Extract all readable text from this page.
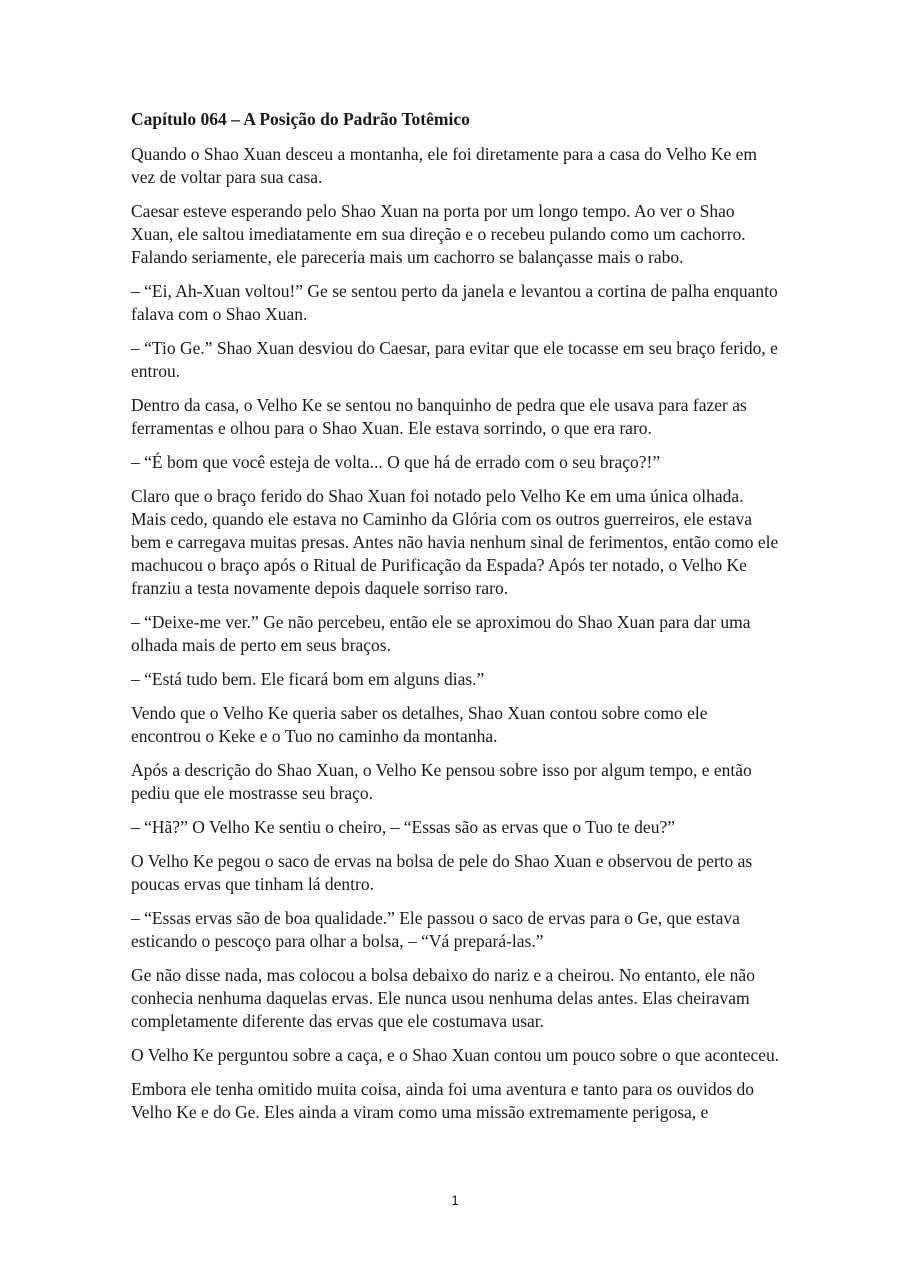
Capítulo 064 – A Posição do Padrão Totêmico

Quando o Shao Xuan desceu a montanha, ele foi diretamente para a casa do Velho Ke em vez de voltar para sua casa.

Caesar esteve esperando pelo Shao Xuan na porta por um longo tempo. Ao ver o Shao Xuan, ele saltou imediatamente em sua direção e o recebeu pulando como um cachorro. Falando seriamente, ele pareceria mais um cachorro se balançasse mais o rabo.

– “Ei, Ah-Xuan voltou!” Ge se sentou perto da janela e levantou a cortina de palha enquanto falava com o Shao Xuan.

– “Tio Ge.” Shao Xuan desviou do Caesar, para evitar que ele tocasse em seu braço ferido, e entrou.

Dentro da casa, o Velho Ke se sentou no banquinho de pedra que ele usava para fazer as ferramentas e olhou para o Shao Xuan. Ele estava sorrindo, o que era raro.

– “É bom que você esteja de volta... O que há de errado com o seu braço?!”

Claro que o braço ferido do Shao Xuan foi notado pelo Velho Ke em uma única olhada. Mais cedo, quando ele estava no Caminho da Glória com os outros guerreiros, ele estava bem e carregava muitas presas. Antes não havia nenhum sinal de ferimentos, então como ele machucou o braço após o Ritual de Purificação da Espada? Após ter notado, o Velho Ke franziu a testa novamente depois daquele sorriso raro.

– “Deixe-me ver.” Ge não percebeu, então ele se aproximou do Shao Xuan para dar uma olhada mais de perto em seus braços.

– “Está tudo bem. Ele ficará bom em alguns dias.”

Vendo que o Velho Ke queria saber os detalhes, Shao Xuan contou sobre como ele encontrou o Keke e o Tuo no caminho da montanha.

Após a descrição do Shao Xuan, o Velho Ke pensou sobre isso por algum tempo, e então pediu que ele mostrasse seu braço.

– “Hã?” O Velho Ke sentiu o cheiro, – “Essas são as ervas que o Tuo te deu?”

O Velho Ke pegou o saco de ervas na bolsa de pele do Shao Xuan e observou de perto as poucas ervas que tinham lá dentro.

– “Essas ervas são de boa qualidade.” Ele passou o saco de ervas para o Ge, que estava esticando o pescoço para olhar a bolsa, – “Vá prepará-las.”

Ge não disse nada, mas colocou a bolsa debaixo do nariz e a cheirou. No entanto, ele não conhecia nenhuma daquelas ervas. Ele nunca usou nenhuma delas antes. Elas cheiravam completamente diferente das ervas que ele costumava usar.

O Velho Ke perguntou sobre a caça, e o Shao Xuan contou um pouco sobre o que aconteceu.

Embora ele tenha omitido muita coisa, ainda foi uma aventura e tanto para os ouvidos do Velho Ke e do Ge. Eles ainda a viram como uma missão extremamente perigosa, e

1
